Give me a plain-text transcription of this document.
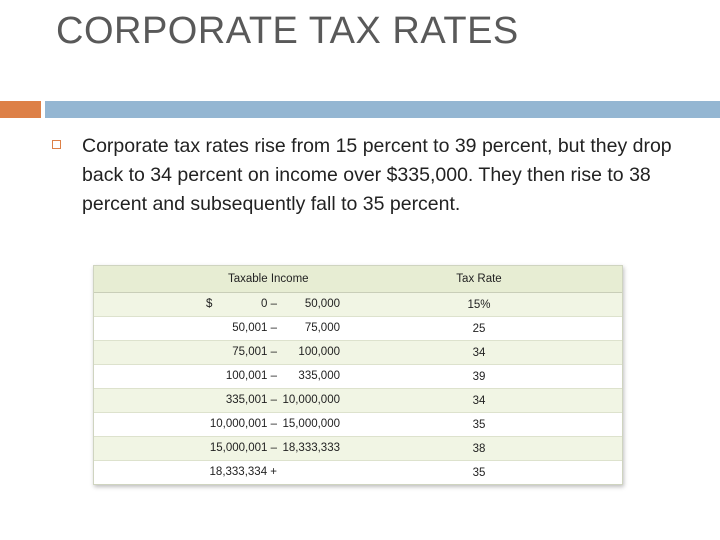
CORPORATE TAX RATES
Corporate tax rates rise from 15 percent to 39 percent, but they drop back to 34 percent on income over $335,000. They then rise to 38 percent and subsequently fall to 35 percent.
Taxable Income	Tax Rate
$	0 – 50,000	15%
50,001 – 75,000	25
75,001 – 100,000	34
100,001 – 335,000	39
335,001 – 10,000,000	34
10,000,001 – 15,000,000	35
15,000,001 – 18,333,333	38
18,333,334 +	35
